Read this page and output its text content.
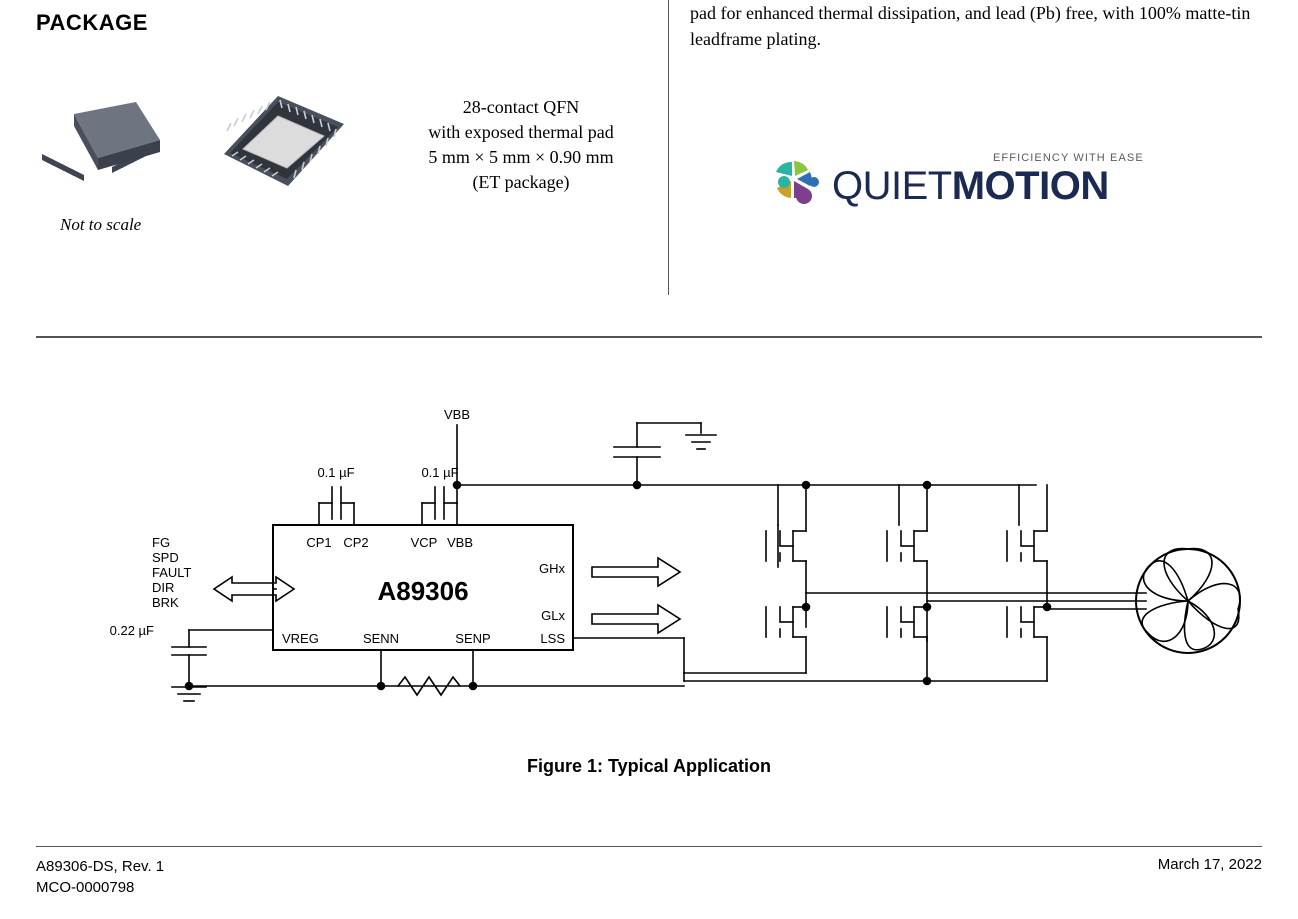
PACKAGE
Not to scale
28-contact QFN
with exposed thermal pad
5 mm × 5 mm × 0.90 mm
(ET package)
pad for enhanced thermal dissipation, and lead (Pb) free, with 100% matte-tin leadframe plating.
EFFICIENCY WITH EASE
QUIETMOTION
A89306
CP1 CP2	VCP VBB
GHx
GLx
LSS
VREG	SENN	SENP
VBB
0.1 µF	0.1 µF
0.22 µF
FG
SPD
FAULT
DIR
BRK
Figure 1: Typical Application
A89306-DS, Rev. 1
MCO-0000798
March 17, 2022
